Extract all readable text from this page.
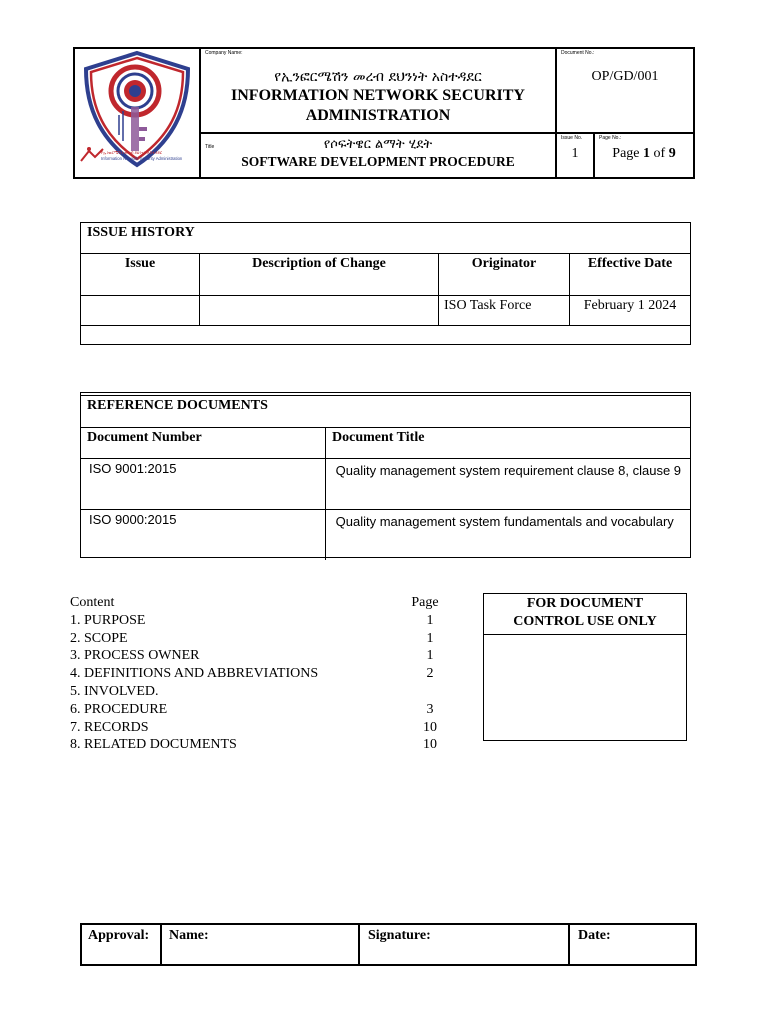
የኢንፎርሜሽን መረብ ደህንነት አስተዳደር
Information Network Security Administration
Company Name:
የኢንፎርሜሽን መረብ ደህንነት አስተዳደር
INFORMATION NETWORK SECURITY ADMINISTRATION
Document No.:
OP/GD/001
Title	የሶፍትዌር ልማት ሂደት
SOFTWARE DEVELOPMENT PROCEDURE
Issue No.
1
Page No.:
Page 1 of 9
ISSUE HISTORY
Issue	Description of Change	Originator	Effective Date
		ISO Task Force	February 1 2024

REFERENCE DOCUMENTS
Document Number	Document Title
ISO 9001:2015	Quality management system requirement clause 8, clause 9
ISO 9000:2015	Quality management system fundamentals and vocabulary
Content	Page
1. PURPOSE	1
2. SCOPE	1
3. PROCESS OWNER	1
4. DEFINITIONS AND ABBREVIATIONS	2
5. INVOLVED.
6. PROCEDURE	3
7. RECORDS	10
8. RELATED DOCUMENTS	10
FOR DOCUMENT CONTROL USE ONLY
Approval:	Name:	Signature:	Date:
